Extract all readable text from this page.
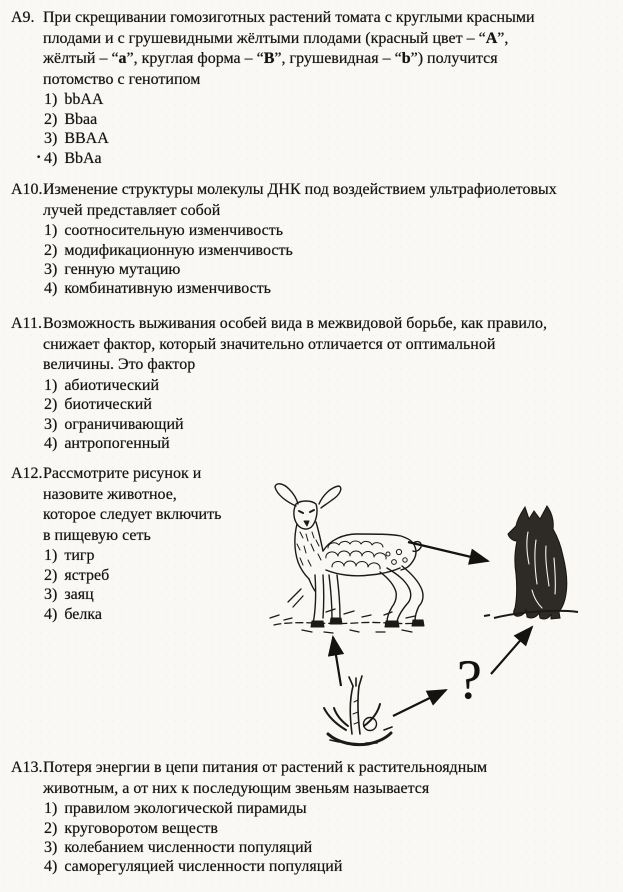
А9. При скрещивании гомозиготных растений томата с круглыми красными
плодами и с грушевидными жёлтыми плодами (красный цвет – “A”,
жёлтый – “a”, круглая форма – “B”, грушевидная – “b”) получится
потомство с генотипом
1) bbAA
2) Bbaa
3) BBAA
· 4) BbAa
А10.Изменение структуры молекулы ДНК под воздействием ультрафиолетовых
лучей представляет собой
1) соотносительную изменчивость
2) модификационную изменчивость
3) генную мутацию
4) комбинативную изменчивость
А11.Возможность выживания особей вида в межвидовой борьбе, как правило,
снижает фактор, который значительно отличается от оптимальной
величины. Это фактор
1) абиотический
2) биотический
3) ограничивающий
4) антропогенный
А12.Рассмотрите рисунок и
назовите животное,
которое следует включить
в пищевую сеть
1) тигр
2) ястреб
3) заяц
4) белка
?
А13.Потеря энергии в цепи питания от растений к растительноядным
животным, а от них к последующим звеньям называется
1) правилом экологической пирамиды
2) круговоротом веществ
3) колебанием численности популяций
4) саморегуляцией численности популяций
